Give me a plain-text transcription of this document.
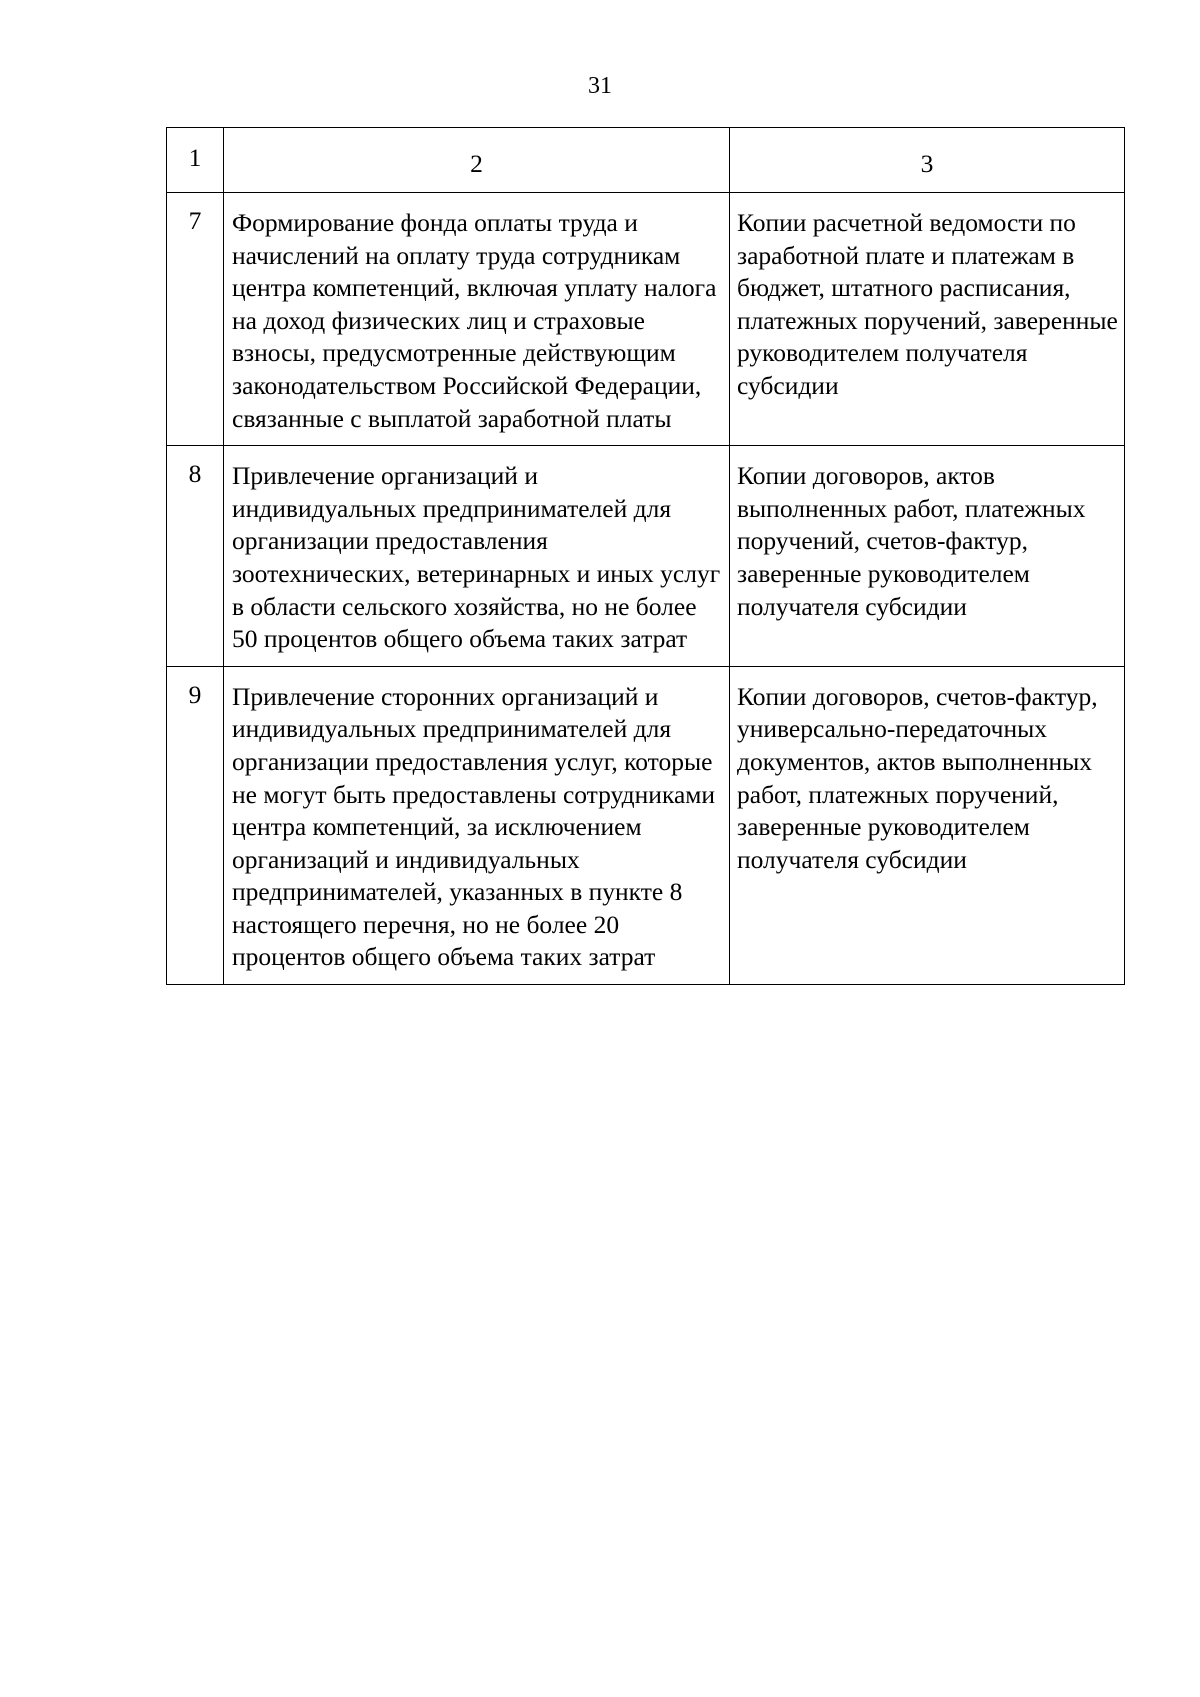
31
1	2	3
7	Формирование фонда оплаты труда и начислений на оплату труда сотрудникам центра компетенций, включая уплату налога на доход физических лиц и страховые взносы, предусмотренные действующим законодательством Российской Федерации, связанные с выплатой заработной платы	Копии расчетной ведомости по заработной плате и платежам в бюджет, штатного расписания, платежных поручений, заверенные руководителем получателя субсидии
8	Привлечение организаций и индивидуальных предпринимателей для организации предоставления зоотехнических, ветеринарных и иных услуг в области сельского хозяйства, но не более 50 процентов общего объема таких затрат	Копии договоров, актов выполненных работ, платежных поручений, счетов-фактур, заверенные руководителем получателя субсидии
9	Привлечение сторонних организаций и индивидуальных предпринимателей для организации предоставления услуг, которые не могут быть предоставлены сотрудниками центра компетенций, за исключением организаций и индивидуальных предпринимателей, указанных в пункте 8 настоящего перечня, но не более 20 процентов общего объема таких затрат	Копии договоров, счетов-фактур, универсально-передаточных документов, актов выполненных работ, платежных поручений, заверенные руководителем получателя субсидии
